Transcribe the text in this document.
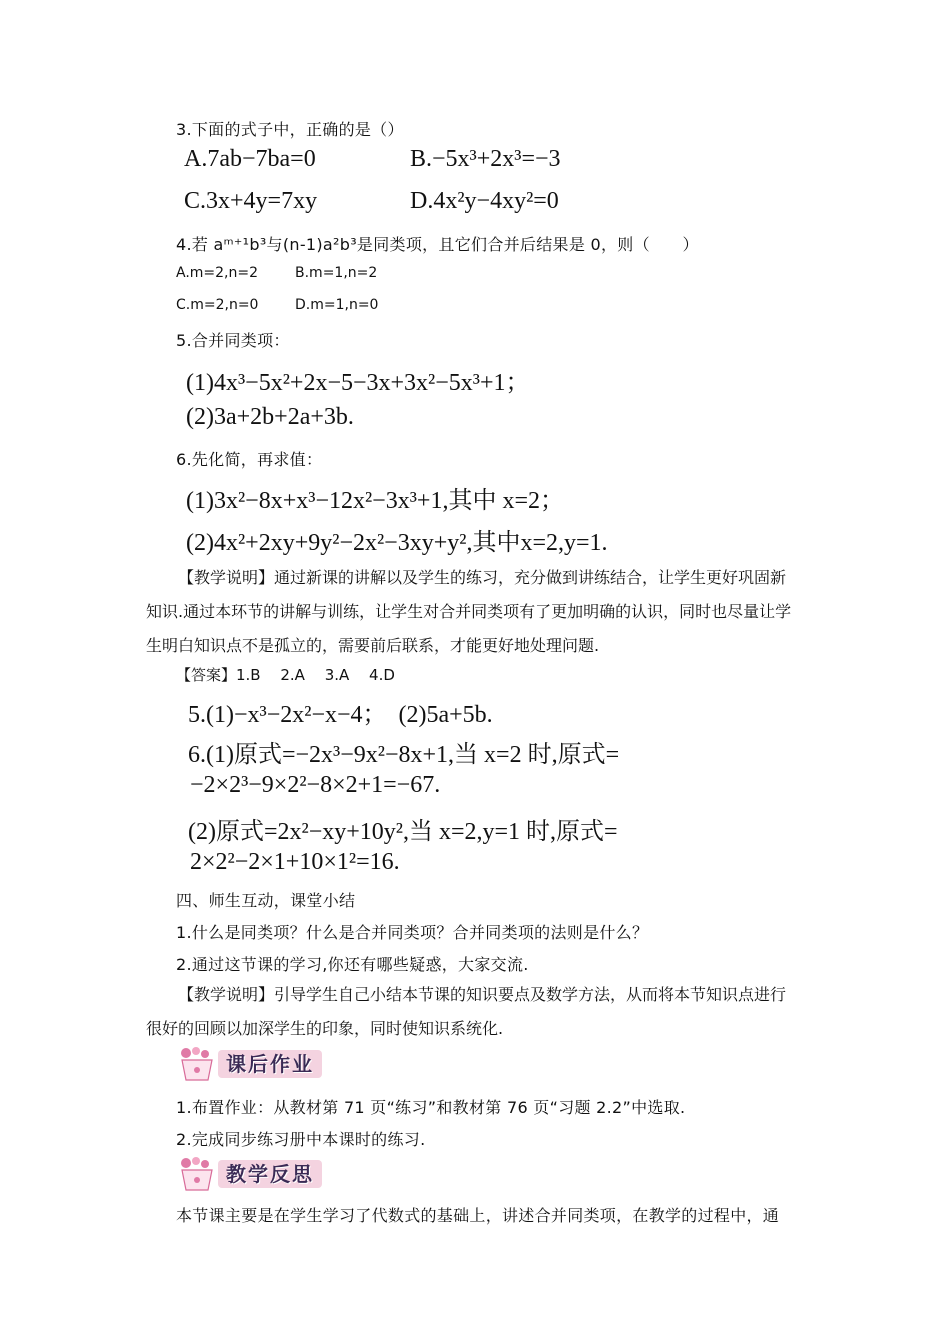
3.下面的式子中，正确的是（）
A.7ab−7ba=0	B.−5x³+2x³=−3
C.3x+4y=7xy	D.4x²y−4xy²=0
4.若 aᵐ⁺¹b³与(n-1)a²b³是同类项，且它们合并后结果是 0，则（　　）
A.m=2,n=2	B.m=1,n=2
C.m=2,n=0	D.m=1,n=0
5.合并同类项：
(1)4x³−5x²+2x−5−3x+3x²−5x³+1；
(2)3a+2b+2a+3b.
6.先化简，再求值：
(1)3x²−8x+x³−12x²−3x³+1,其中 x=2；
(2)4x²+2xy+9y²−2x²−3xy+y²,其中x=2,y=1.
【教学说明】通过新课的讲解以及学生的练习，充分做到讲练结合，让学生更好巩固新知识.通过本环节的讲解与训练，让学生对合并同类项有了更加明确的认识，同时也尽量让学生明白知识点不是孤立的，需要前后联系，才能更好地处理问题.
【答案】1.B　 2.A　 3.A　 4.D
5.(1)−x³−2x²−x−4；　(2)5a+5b.
6.(1)原式=−2x³−9x²−8x+1,当 x=2 时,原式=
−2×2³−9×2²−8×2+1=−67.
(2)原式=2x²−xy+10y²,当 x=2,y=1 时,原式=
2×2²−2×1+10×1²=16.
四、师生互动，课堂小结
1.什么是同类项？什么是合并同类项？合并同类项的法则是什么？
2.通过这节课的学习,你还有哪些疑惑，大家交流.
【教学说明】引导学生自己小结本节课的知识要点及数学方法，从而将本节知识点进行很好的回顾以加深学生的印象，同时使知识系统化.
课后作业
1.布置作业：从教材第 71 页“练习”和教材第 76 页“习题 2.2”中选取.
2.完成同步练习册中本课时的练习.
教学反思
本节课主要是在学生学习了代数式的基础上，讲述合并同类项，在教学的过程中，通
